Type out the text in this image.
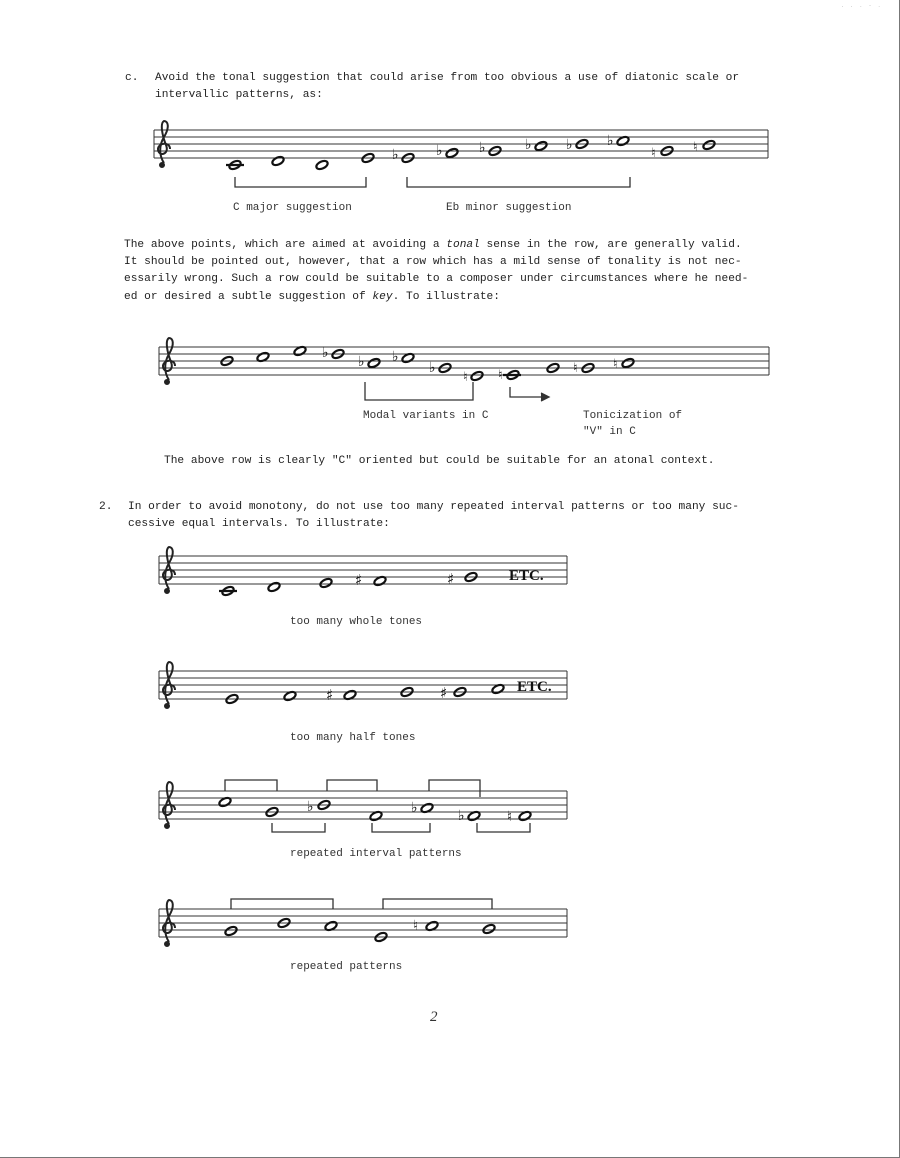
. . . - .
c. Avoid the tonal suggestion that could arise from too obvious a use of diatonic scale or
intervallic patterns, as:
♭	♭	♭	♭ ♭ ♭
♮	♮
C major suggestion	Eb minor suggestion
The above points, which are aimed at avoiding a tonal sense in the row, are generally valid.
It should be pointed out, however, that a row which has a mild sense of tonality is not nec-
essarily wrong. Such a row could be suitable to a composer under circumstances where he need-
ed or desired a subtle suggestion of key. To illustrate:
♭
♭ ♭
♭
♮ ♮	♮	♮
Modal variants in C	Tonicization of
"V" in C
The above row is clearly "C" oriented but could be suitable for an atonal context.
2. In order to avoid monotony, do not use too many repeated interval patterns or too many suc-
cessive equal intervals. To illustrate:
♯	♯	ETC.
too many whole tones
♯	♯	ETC.
too many half tones
♭	♭	♭	♮
repeated interval patterns
♮
repeated patterns
2
